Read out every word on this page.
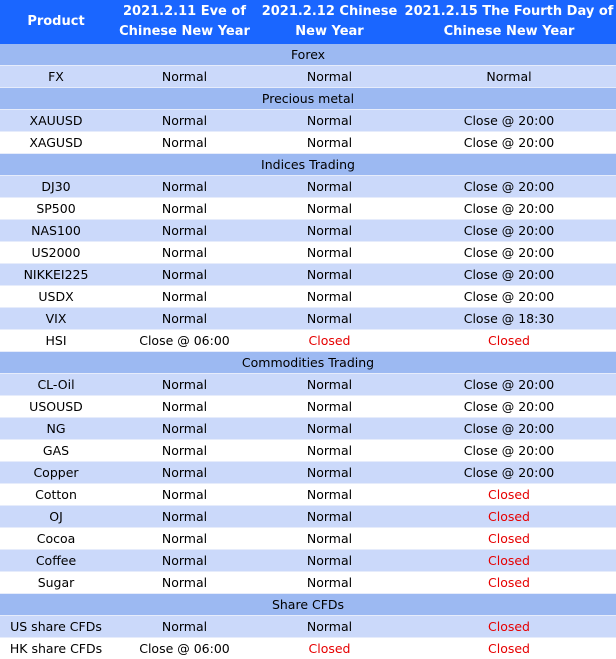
Product	2021.2.11 Eve of Chinese New Year	2021.2.12 Chinese New Year	2021.2.15 The Fourth Day of Chinese New Year
Forex			
FX	Normal	Normal	Normal
Precious metal			
XAUUSD	Normal	Normal	Close @ 20:00
XAGUSD	Normal	Normal	Close @ 20:00
Indices Trading			
DJ30	Normal	Normal	Close @ 20:00
SP500	Normal	Normal	Close @ 20:00
NAS100	Normal	Normal	Close @ 20:00
US2000	Normal	Normal	Close @ 20:00
NIKKEI225	Normal	Normal	Close @ 20:00
USDX	Normal	Normal	Close @ 20:00
VIX	Normal	Normal	Close @ 18:30
HSI	Close @ 06:00	Closed	Closed
Commodities Trading			
CL-Oil	Normal	Normal	Close @ 20:00
USOUSD	Normal	Normal	Close @ 20:00
NG	Normal	Normal	Close @ 20:00
GAS	Normal	Normal	Close @ 20:00
Copper	Normal	Normal	Close @ 20:00
Cotton	Normal	Normal	Closed
OJ	Normal	Normal	Closed
Cocoa	Normal	Normal	Closed
Coffee	Normal	Normal	Closed
Sugar	Normal	Normal	Closed
Share CFDs			
US share CFDs	Normal	Normal	Closed
HK share CFDs	Close @ 06:00	Closed	Closed
